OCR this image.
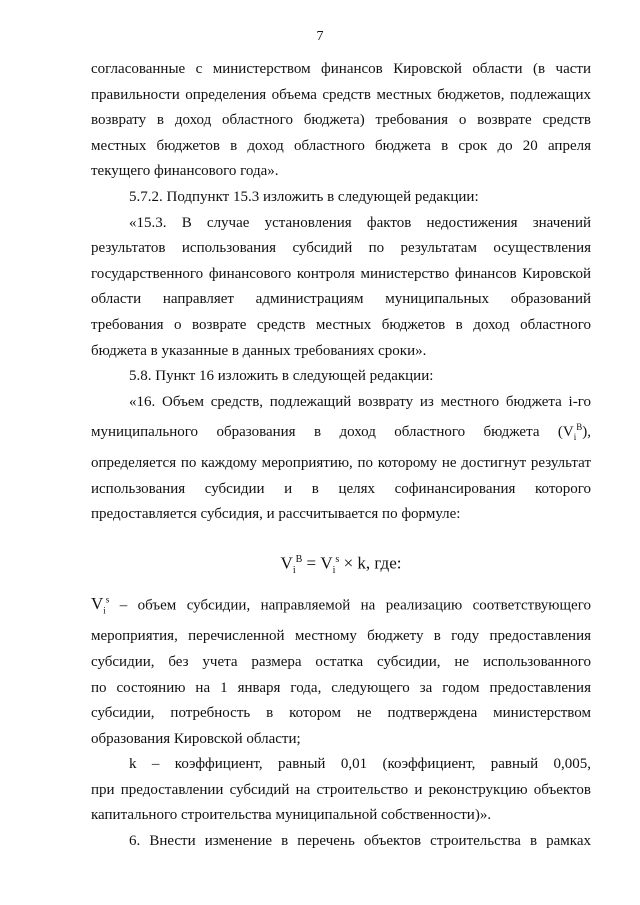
7

согласованные с министерством финансов Кировской области (в части

правильности определения объема средств местных бюджетов, подлежащих

возврату в доход областного бюджета) требования о возврате средств

местных бюджетов в доход областного бюджета в срок до 20 апреля

текущего финансового года».

5.7.2. Подпункт 15.3 изложить в следующей редакции:

«15.3. В случае установления фактов недостижения значений

результатов использования субсидий по результатам осуществления

государственного финансового контроля министерство финансов Кировской

области направляет администрациям муниципальных образований

требования о возврате средств местных бюджетов в доход областного

бюджета в указанные в данных требованиях сроки».

5.8. Пункт 16 изложить в следующей редакции:

«16. Объем средств, подлежащий возврату из местного бюджета i-го

муниципального образования в доход областного бюджета $(V_i^В)$,

определяется по каждому мероприятию, по которому не достигнут результат

использования субсидии и в целях софинансирования которого

предоставляется субсидия, и рассчитывается по формуле:

$V_i^В = V_i^s \times k$, где:

$V_i^s$ – объем субсидии, направляемой на реализацию соответствующего

мероприятия, перечисленной местному бюджету в году предоставления

субсидии, без учета размера остатка субсидии, не использованного

по состоянию на 1 января года, следующего за годом предоставления

субсидии, потребность в котором не подтверждена министерством

образования Кировской области;

k – коэффициент, равный 0,01 (коэффициент, равный 0,005,

при предоставлении субсидий на строительство и реконструкцию объектов

капитального строительства муниципальной собственности)».

6. Внести изменение в перечень объектов строительства в рамках
